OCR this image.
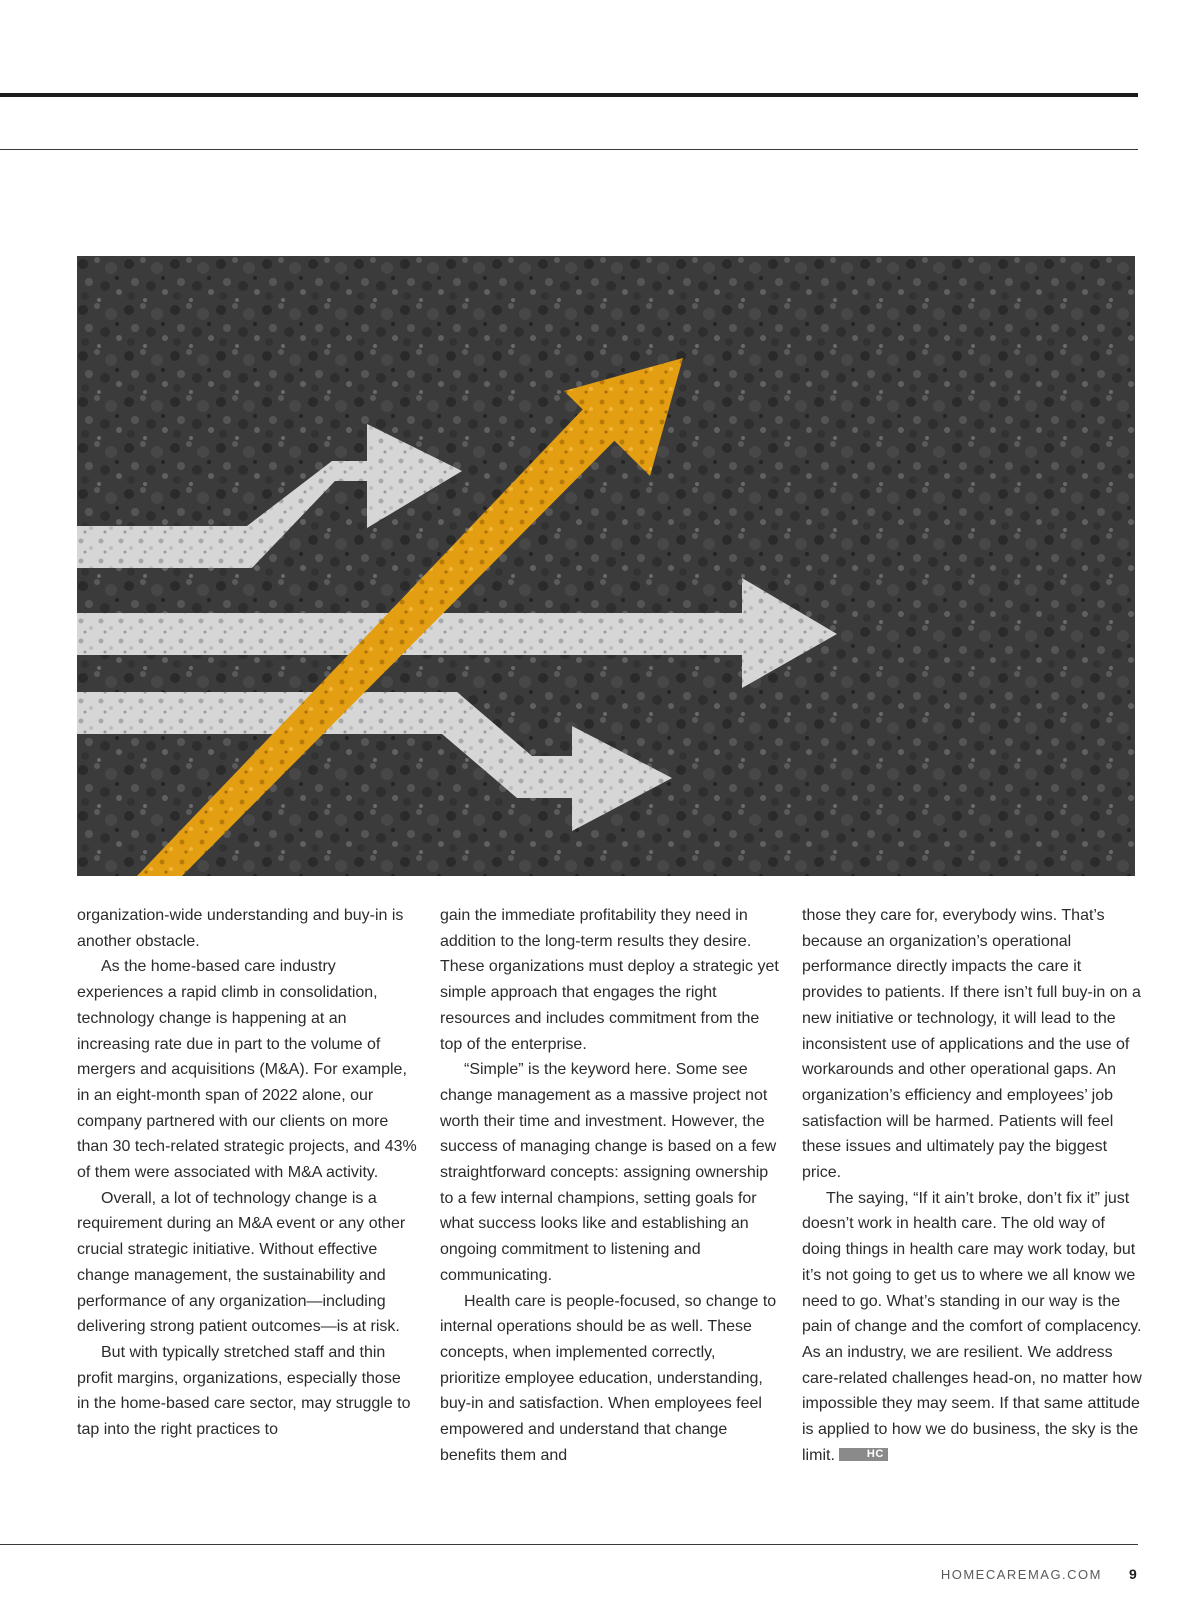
organization-wide understanding and buy-in is another obstacle.

As the home-based care industry experiences a rapid climb in consolidation, technology change is happening at an increasing rate due in part to the volume of mergers and acquisitions (M&A). For example, in an eight-month span of 2022 alone, our company partnered with our clients on more than 30 tech-related strategic projects, and 43% of them were associated with M&A activity.

Overall, a lot of technology change is a requirement during an M&A event or any other crucial strategic initiative. Without effective change management, the sustainability and performance of any organization—including delivering strong patient outcomes—is at risk.

But with typically stretched staff and thin profit margins, organizations, especially those in the home-based care sector, may struggle to tap into the right practices to

gain the immediate profitability they need in addition to the long-term results they desire. These organizations must deploy a strategic yet simple approach that engages the right resources and includes commitment from the top of the enterprise.

“Simple” is the keyword here. Some see change management as a massive project not worth their time and investment. However, the success of managing change is based on a few straightforward concepts: assigning ownership to a few internal champions, setting goals for what success looks like and establishing an ongoing commitment to listening and communicating.

Health care is people-focused, so change to internal operations should be as well. These concepts, when implemented correctly, prioritize employee education, understanding, buy-in and satisfaction. When employees feel empowered and understand that change benefits them and

those they care for, everybody wins. That’s because an organization’s operational performance directly impacts the care it provides to patients. If there isn’t full buy-in on a new initiative or technology, it will lead to the inconsistent use of applications and the use of workarounds and other operational gaps. An organization’s efficiency and employees’ job satisfaction will be harmed. Patients will feel these issues and ultimately pay the biggest price.

The saying, “If it ain’t broke, don’t fix it” just doesn’t work in health care. The old way of doing things in health care may work today, but it’s not going to get us to where we all know we need to go. What’s standing in our way is the pain of change and the comfort of complacency. As an industry, we are resilient. We address care-related challenges head-on, no matter how impossible they may seem. If that same attitude is applied to how we do business, the sky is the limit.	HC

HOMECAREMAG.COM 9
